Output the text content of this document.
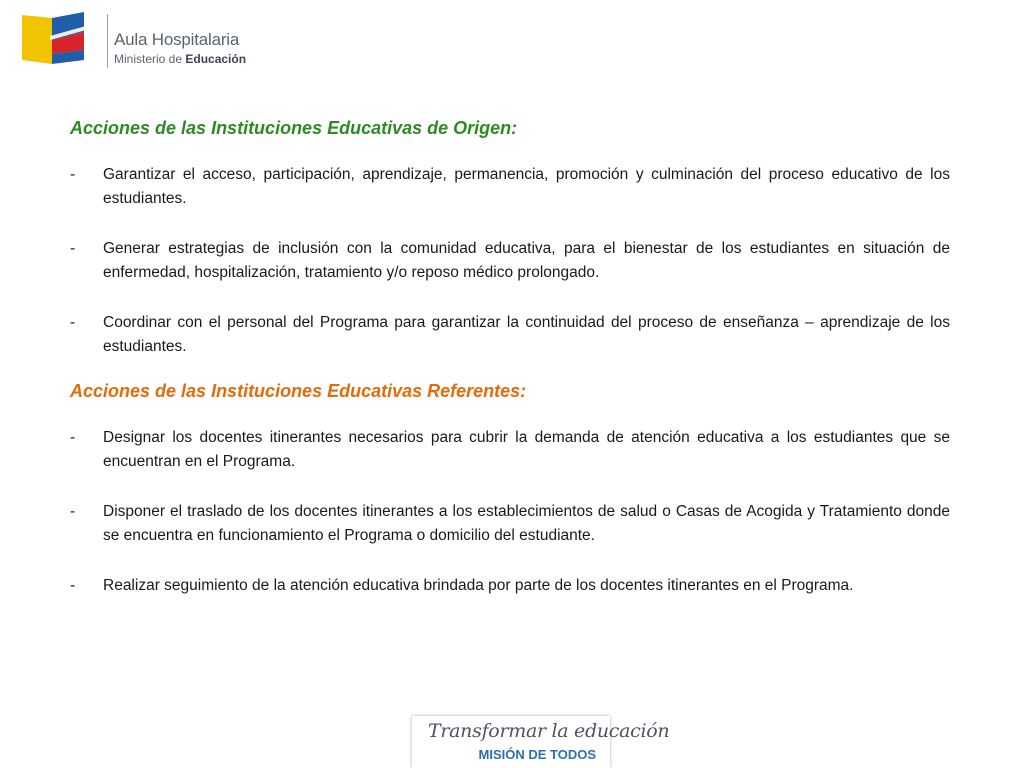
Aula Hospitalaria
Ministerio de Educación
Acciones de las Instituciones Educativas de Origen:
- Garantizar el acceso, participación, aprendizaje, permanencia, promoción y culminación del proceso educativo de los estudiantes.
- Generar estrategias de inclusión con la comunidad educativa, para el bienestar de los estudiantes en situación de enfermedad, hospitalización, tratamiento y/o reposo médico prolongado.
- Coordinar con el personal del Programa para garantizar la continuidad del proceso de enseñanza – aprendizaje de los estudiantes.
Acciones de las Instituciones Educativas Referentes:
- Designar los docentes itinerantes necesarios para cubrir la demanda de atención educativa a los estudiantes que se encuentran en el Programa.
- Disponer el traslado de los docentes itinerantes a los establecimientos de salud o Casas de Acogida y Tratamiento donde se encuentra en funcionamiento el Programa o domicilio del estudiante.
- Realizar seguimiento de la atención educativa brindada por parte de los docentes itinerantes en el Programa.
Transformar la educación
MISIÓN DE TODOS
